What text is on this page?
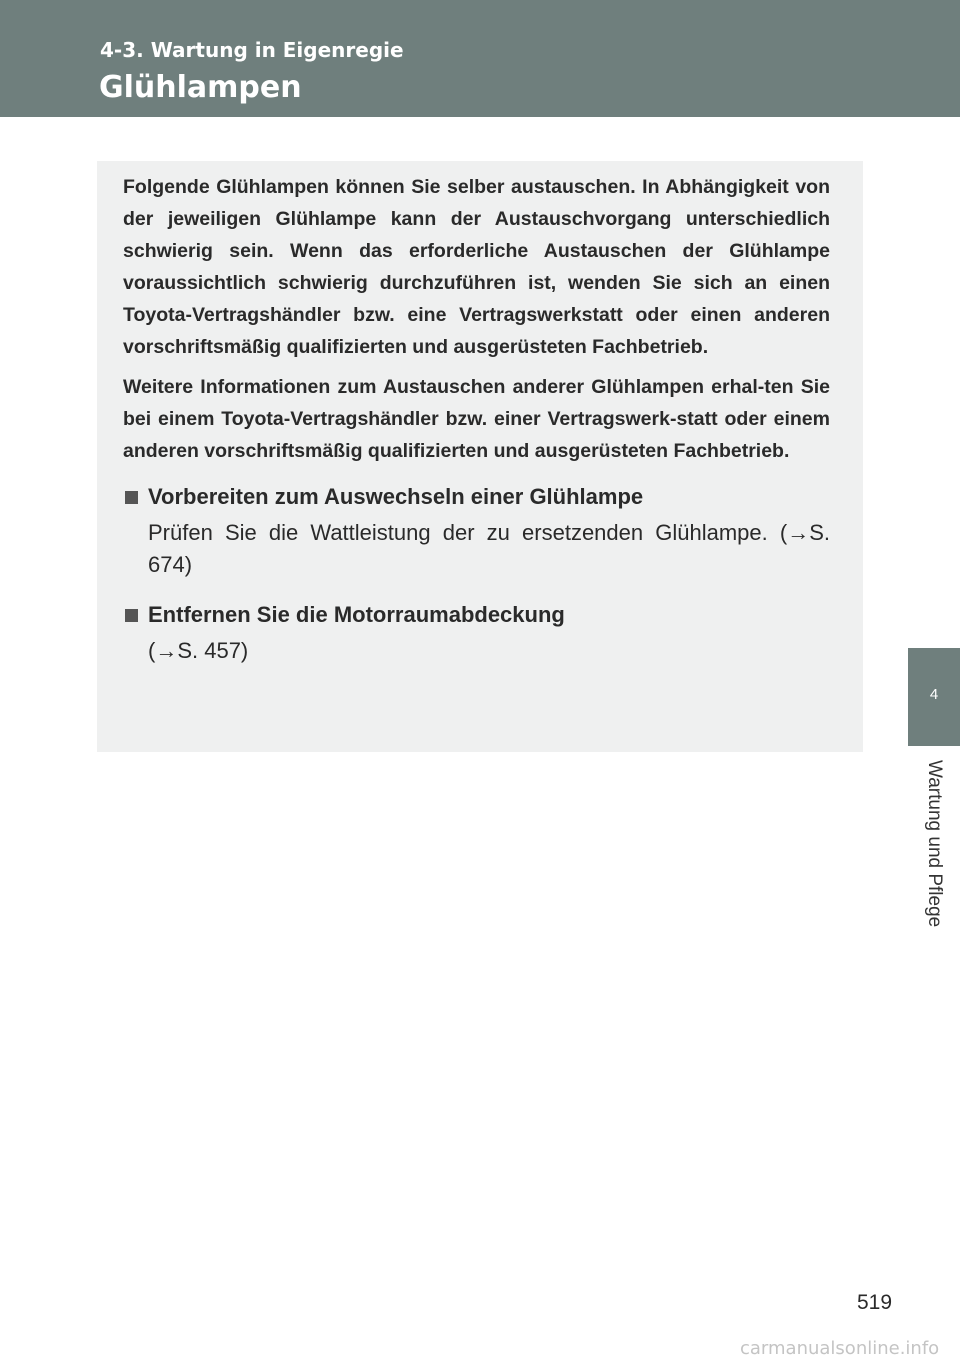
4-3. Wartung in Eigenregie
Glühlampen
4
Wartung und Pflege

Folgende Glühlampen können Sie selber austauschen. In Abhängigkeit von der jeweiligen Glühlampe kann der Austauschvorgang unterschiedlich schwierig sein. Wenn das erforderliche Austauschen der Glühlampe voraussichtlich schwierig durchzuführen ist, wenden Sie sich an einen Toyota-Vertragshändler bzw. eine Vertragswerkstatt oder einen anderen vorschriftsmäßig qualifizierten und ausgerüsteten Fachbetrieb.

Weitere Informationen zum Austauschen anderer Glühlampen erhal-ten Sie bei einem Toyota-Vertragshändler bzw. einer Vertragswerk-statt oder einem anderen vorschriftsmäßig qualifizierten und ausgerüsteten Fachbetrieb.

Vorbereiten zum Auswechseln einer Glühlampe

Prüfen Sie die Wattleistung der zu ersetzenden Glühlampe. (→S. 674)

Entfernen Sie die Motorraumabdeckung

(→S. 457)

519
carmanualsonline.info
